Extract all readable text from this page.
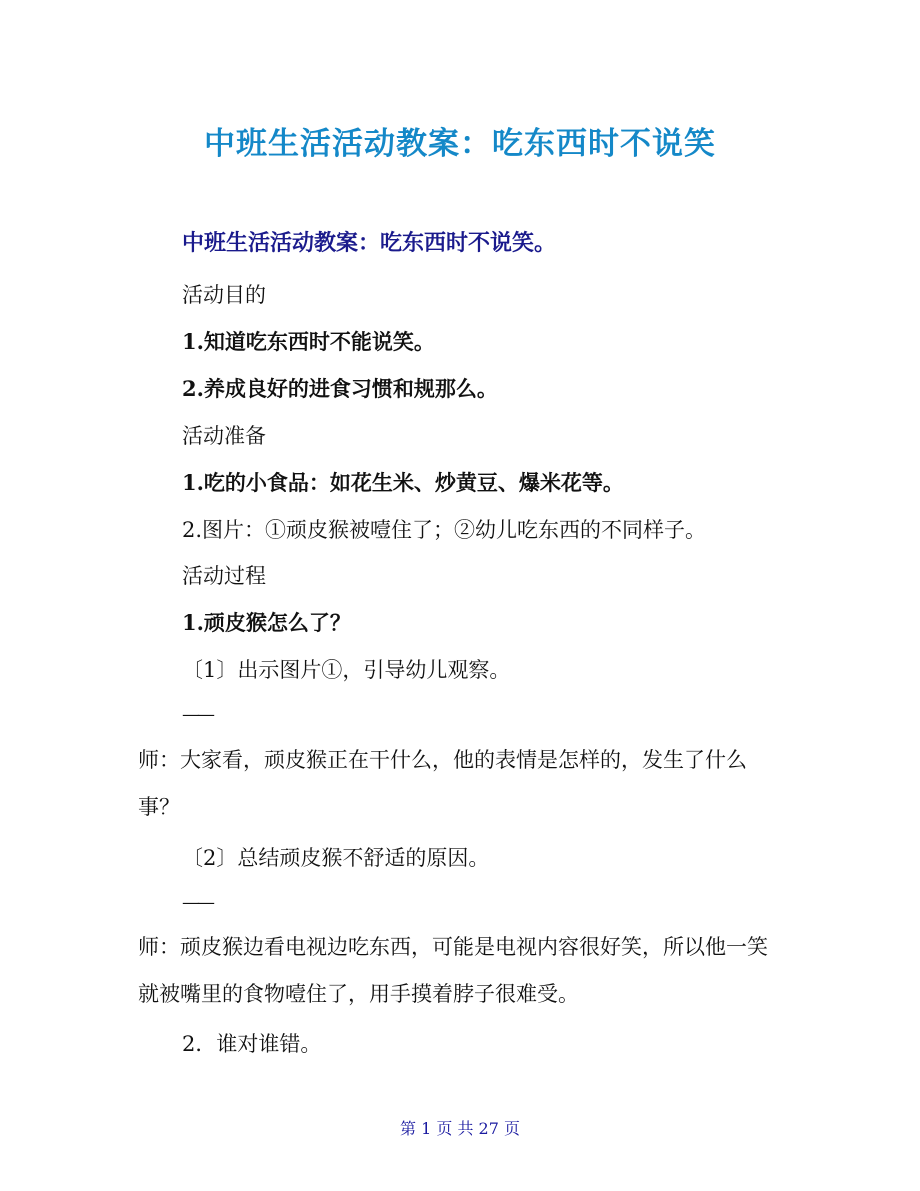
中班生活活动教案：吃东西时不说笑

中班生活活动教案：吃东西时不说笑。

活动目的

1.知道吃东西时不能说笑。

2.养成良好的进食习惯和规那么。

活动准备

1.吃的小食品：如花生米、炒黄豆、爆米花等。

2.图片：①顽皮猴被噎住了；②幼儿吃东西的不同样子。

活动过程

1.顽皮猴怎么了？

〔1〕出示图片①，引导幼儿观察。

——

师：大家看，顽皮猴正在干什么，他的表情是怎样的，发生了什么事？

〔2〕总结顽皮猴不舒适的原因。

——

师：顽皮猴边看电视边吃东西，可能是电视内容很好笑，所以他一笑就被嘴里的食物噎住了，用手摸着脖子很难受。

2．谁对谁错。

第 1 页 共 27 页
